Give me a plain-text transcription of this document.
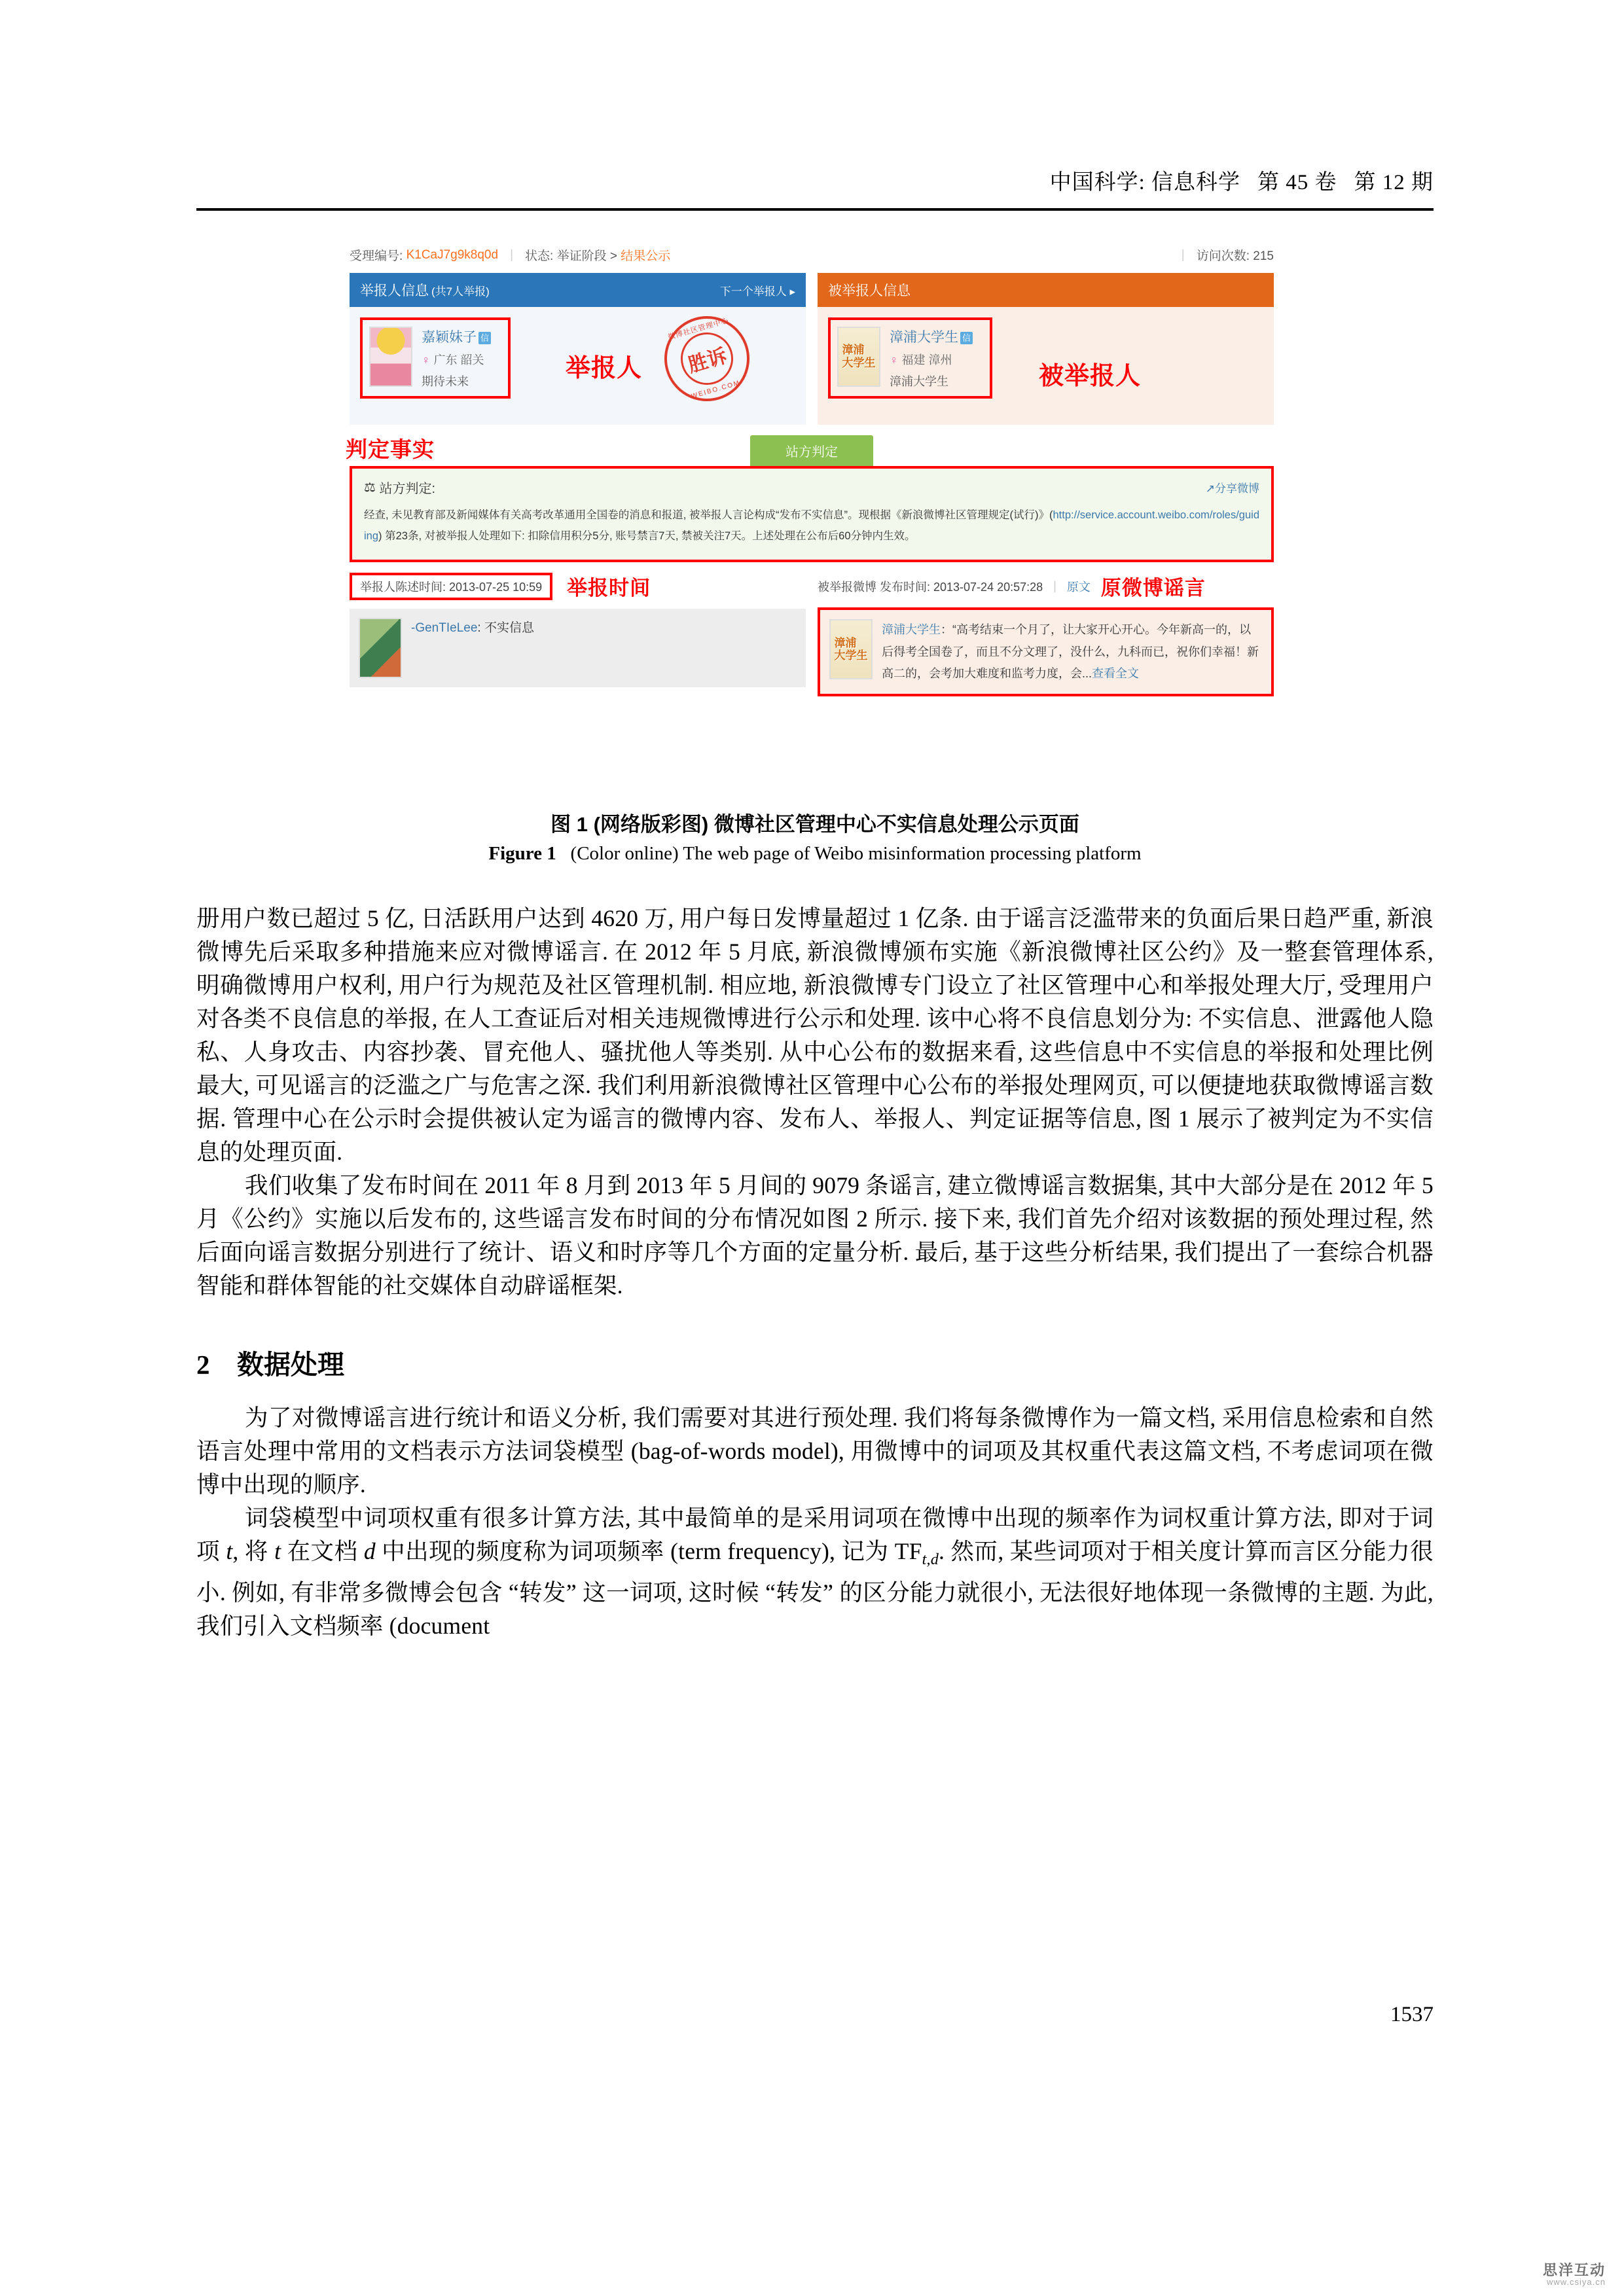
中国科学: 信息科学 第 45 卷 第 12 期
受理编号:
K1CaJ7g9k8q0d | 状态:
举证阶段 >
结果公示	| 访问次数: 215
举报人信息 (共7人举报)	下一个举报人 ▸
嘉颖妹子 信
♀ 广东 韶关
期待未来	举报人
微博社区管理中心
胜诉
WEIBO.COM
被举报人信息
漳浦 大学生
漳浦大学生 信
♀ 福建 漳州
漳浦大学生	被举报人
判定事实	站方判定
⚖
站方判定:	↗分享微博
经查, 未见教育部及新闻媒体有关高考改革通用全国卷的消息和报道, 被举报人言论构成“发布不实信息”。现根据《新浪微博社区管理规定(试行)》(http://service.account.weibo.com/roles/guiding) 第23条, 对被举报人处理如下: 扣除信用积分5分, 账号禁言7天, 禁被关注7天。上述处理在公布后60分钟内生效。
举报人陈述时间: 2013-07-25 10:59	举报时间
-GenTIeLee: 不实信息
被举报微博 发布时间: 2013-07-24 20:57:28 | 原文 原微博谣言
漳浦 大学生
漳浦大学生：“高考结束一个月了，让大家开心开心。今年新高一的，以后得考全国卷了，而且不分文理了，没什么，九科而已，祝你们幸福！新高二的，会考加大难度和监考力度，会...查看全文
图 1 (网络版彩图) 微博社区管理中心不实信息处理公示页面
Figure 1 (Color online) The web page of Weibo misinformation processing platform

册用户数已超过 5 亿, 日活跃用户达到 4620 万, 用户每日发博量超过 1 亿条. 由于谣言泛滥带来的负面后果日趋严重, 新浪微博先后采取多种措施来应对微博谣言. 在 2012 年 5 月底, 新浪微博颁布实施《新浪微博社区公约》及一整套管理体系, 明确微博用户权利, 用户行为规范及社区管理机制. 相应地, 新浪微博专门设立了社区管理中心和举报处理大厅, 受理用户对各类不良信息的举报, 在人工查证后对相关违规微博进行公示和处理. 该中心将不良信息划分为: 不实信息、泄露他人隐私、人身攻击、内容抄袭、冒充他人、骚扰他人等类别. 从中心公布的数据来看, 这些信息中不实信息的举报和处理比例最大, 可见谣言的泛滥之广与危害之深. 我们利用新浪微博社区管理中心公布的举报处理网页, 可以便捷地获取微博谣言数据. 管理中心在公示时会提供被认定为谣言的微博内容、发布人、举报人、判定证据等信息, 图 1 展示了被判定为不实信息的处理页面.

我们收集了发布时间在 2011 年 8 月到 2013 年 5 月间的 9079 条谣言, 建立微博谣言数据集, 其中大部分是在 2012 年 5 月《公约》实施以后发布的, 这些谣言发布时间的分布情况如图 2 所示. 接下来, 我们首先介绍对该数据的预处理过程, 然后面向谣言数据分别进行了统计、语义和时序等几个方面的定量分析. 最后, 基于这些分析结果, 我们提出了一套综合机器智能和群体智能的社交媒体自动辟谣框架.

2 数据处理

为了对微博谣言进行统计和语义分析, 我们需要对其进行预处理. 我们将每条微博作为一篇文档, 采用信息检索和自然语言处理中常用的文档表示方法词袋模型 (bag-of-words model), 用微博中的词项及其权重代表这篇文档, 不考虑词项在微博中出现的顺序.

词袋模型中词项权重有很多计算方法, 其中最简单的是采用词项在微博中出现的频率作为词权重计算方法, 即对于词项 t, 将 t 在文档 d 中出现的频度称为词项频率 (term frequency), 记为 $TF_{t,d}$. 然而, 某些词项对于相关度计算而言区分能力很小. 例如, 有非常多微博会包含 “转发” 这一词项, 这时候 “转发” 的区分能力就很小, 无法很好地体现一条微博的主题. 为此, 我们引入文档频率 (document

1537
思洋互动
www.csiya.cn
